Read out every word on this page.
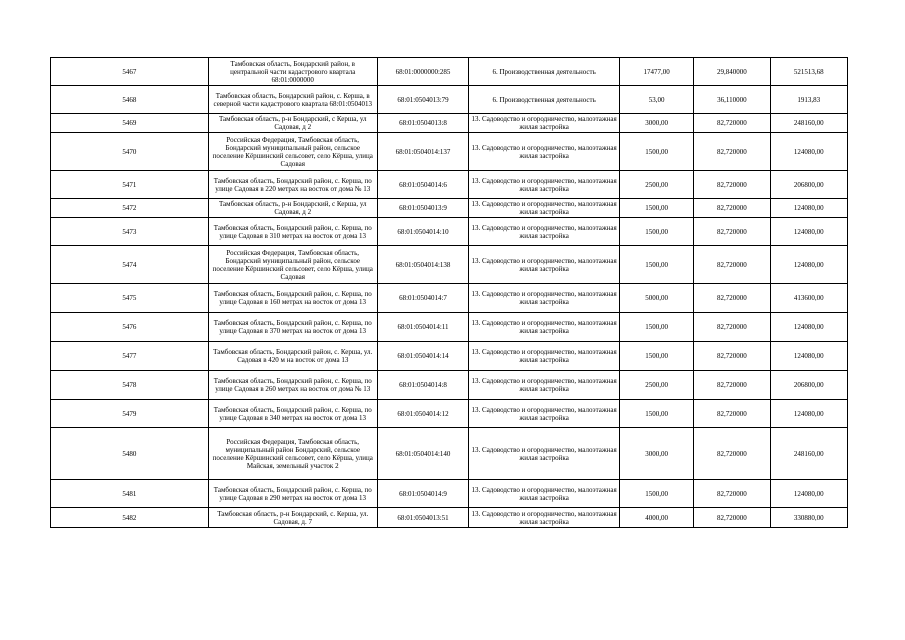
5467	Тамбовская область, Бондарский район, в центральной части кадастрового квартала 68:01:0000000	68:01:0000000:285	6. Производственная деятельность	17477,00	29,840000	521513,68
5468	Тамбовская область, Бондарский район, с. Керша, в северной части кадастрового квартала 68:01:0504013	68:01:0504013:79	6. Производственная деятельность	53,00	36,110000	1913,83
5469	Тамбовская область, р-н Бондарский, с Керша, ул Садовая, д 2	68:01:0504013:8	13. Садоводство и огородничество, малоэтажная жилая застройка	3000,00	82,720000	248160,00
5470	Российская Федерация, Тамбовская область, Бондарский муниципальный район, сельское поселение Кёршинский сельсовет, село Кёрша, улица Садовая	68:01:0504014:137	13. Садоводство и огородничество, малоэтажная жилая застройка	1500,00	82,720000	124080,00
5471	Тамбовская область, Бондарский район, с. Керша, по улице Садовая в 220 метрах на восток от дома № 13	68:01:0504014:6	13. Садоводство и огородничество, малоэтажная жилая застройка	2500,00	82,720000	206800,00
5472	Тамбовская область, р-н Бондарский, с Керша, ул Садовая, д 2	68:01:0504013:9	13. Садоводство и огородничество, малоэтажная жилая застройка	1500,00	82,720000	124080,00
5473	Тамбовская область, Бондарский район, с. Керша, по улице Садовая в 310 метрах на восток от дома 13	68:01:0504014:10	13. Садоводство и огородничество, малоэтажная жилая застройка	1500,00	82,720000	124080,00
5474	Российская Федерация, Тамбовская область, Бондарский муниципальный район, сельское поселение Кёршинский сельсовет, село Кёрша, улица Садовая	68:01:0504014:138	13. Садоводство и огородничество, малоэтажная жилая застройка	1500,00	82,720000	124080,00
5475	Тамбовская область, Бондарский район, с. Керша, по улице Садовая в 160 метрах на восток от дома 13	68:01:0504014:7	13. Садоводство и огородничество, малоэтажная жилая застройка	5000,00	82,720000	413600,00
5476	Тамбовская область, Бондарский район, с. Керша, по улице Садовая в 370 метрах на восток от дома 13	68:01:0504014:11	13. Садоводство и огородничество, малоэтажная жилая застройка	1500,00	82,720000	124080,00
5477	Тамбовская область, Бондарский район, с. Керша, ул. Садовая в 420 м на восток от дома 13	68:01:0504014:14	13. Садоводство и огородничество, малоэтажная жилая застройка	1500,00	82,720000	124080,00
5478	Тамбовская область, Бондарский район, с. Керша, по улице Садовая в 260 метрах на восток от дома № 13	68:01:0504014:8	13. Садоводство и огородничество, малоэтажная жилая застройка	2500,00	82,720000	206800,00
5479	Тамбовская область, Бондарский район, с. Керша, по улице Садовая в 340 метрах на восток от дома 13	68:01:0504014:12	13. Садоводство и огородничество, малоэтажная жилая застройка	1500,00	82,720000	124080,00
5480	Российская Федерация, Тамбовская область, муниципальный район Бондарский, сельское поселение Кёршинский сельсовет, село Кёрша, улица Майская, земельный участок 2	68:01:0504014:140	13. Садоводство и огородничество, малоэтажная жилая застройка	3000,00	82,720000	248160,00
5481	Тамбовская область, Бондарский район, с. Керша, по улице Садовая в 290 метрах на восток от дома 13	68:01:0504014:9	13. Садоводство и огородничество, малоэтажная жилая застройка	1500,00	82,720000	124080,00
5482	Тамбовская область, р-н Бондарский, с. Керша, ул. Садовая, д. 7	68:01:0504013:51	13. Садоводство и огородничество, малоэтажная жилая застройка	4000,00	82,720000	330880,00
